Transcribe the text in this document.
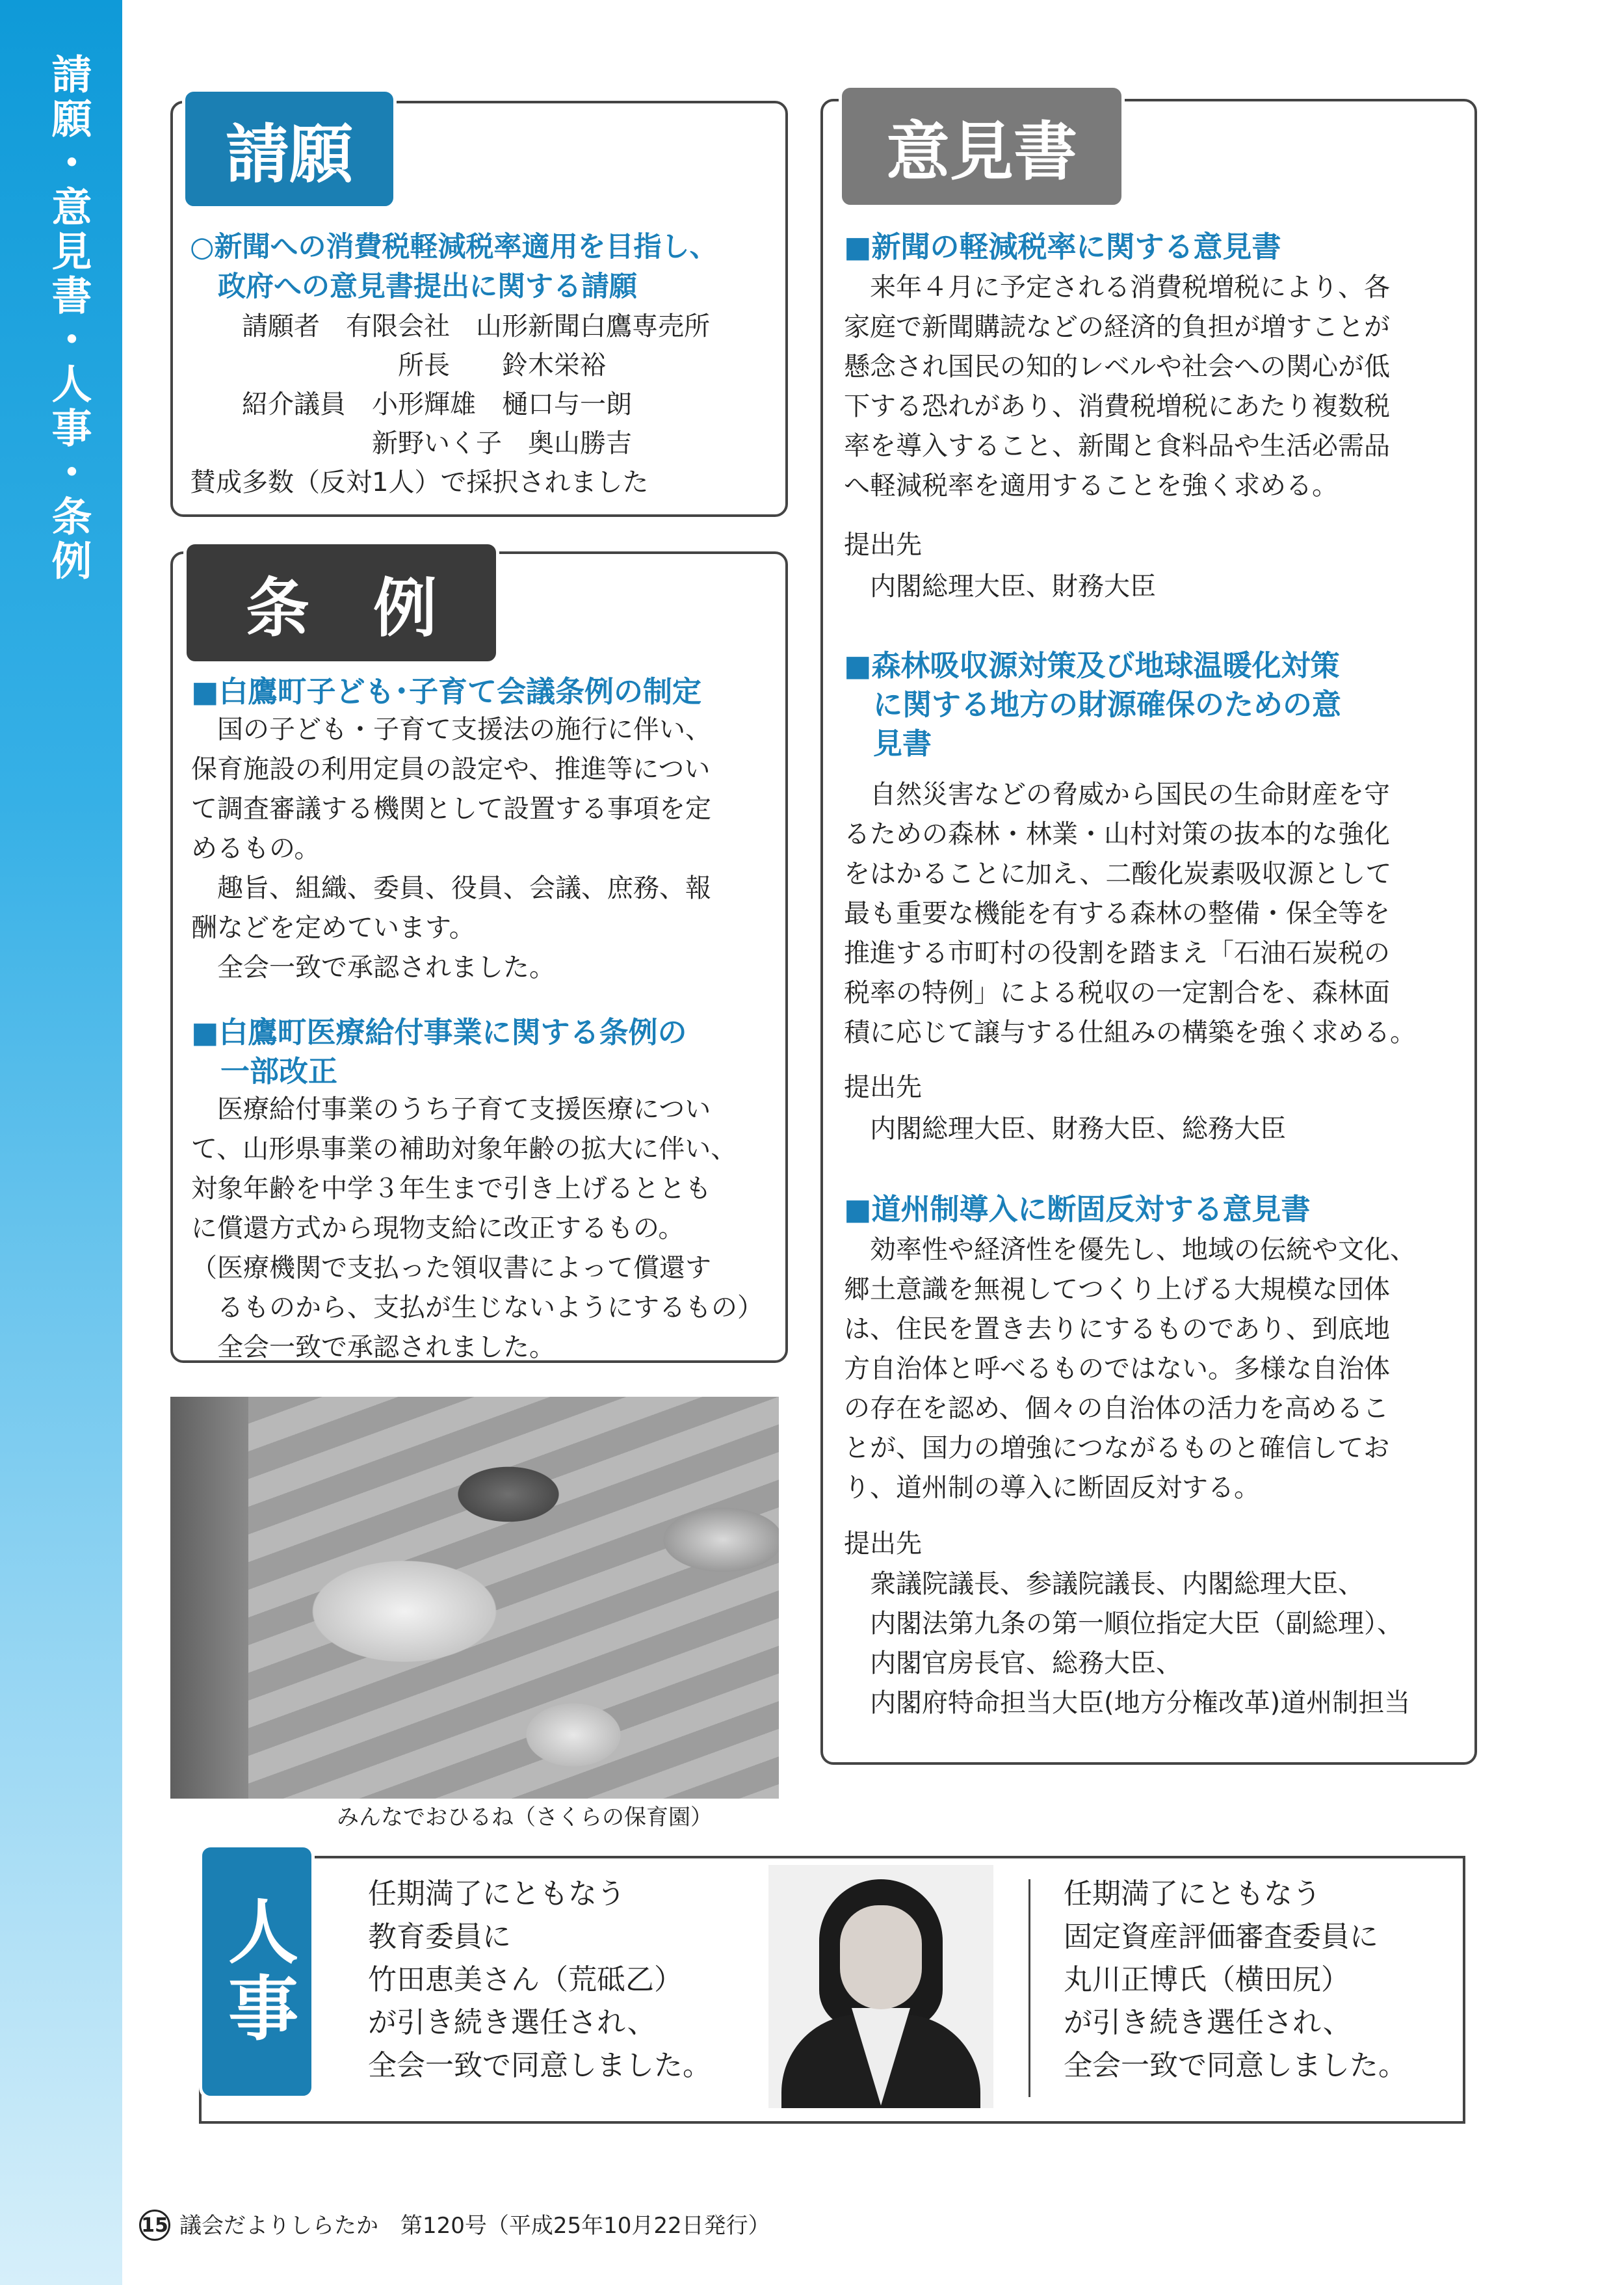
請願・意見書・人事・条例	請願
○新聞への消費税軽減税率適用を目指し、
　政府への意見書提出に関する請願
　　請願者　有限会社　山形新聞白鷹専売所
　　　　　　　　所長　　鈴木栄裕
　　紹介議員　小形輝雄　樋口与一朗
　　　　　　　新野いく子　奥山勝吉
賛成多数（反対1人）で採択されました
条　例
■白鷹町子ども･子育て会議条例の制定
　国の子ども・子育て支援法の施行に伴い、
保育施設の利用定員の設定や、推進等につい
て調査審議する機関として設置する事項を定
めるもの。
　趣旨、組織、委員、役員、会議、庶務、報
酬などを定めています。
　全会一致で承認されました。
■白鷹町医療給付事業に関する条例の
　一部改正
　医療給付事業のうち子育て支援医療につい
て、山形県事業の補助対象年齢の拡大に伴い、
対象年齢を中学３年生まで引き上げるととも
に償還方式から現物支給に改正するもの。
（医療機関で支払った領収書によって償還す
　るものから、支払が生じないようにするもの）
　全会一致で承認されました。
みんなでおひるね（さくらの保育園）
意見書
■新聞の軽減税率に関する意見書
　来年４月に予定される消費税増税により、各
家庭で新聞購読などの経済的負担が増すことが
懸念され国民の知的レベルや社会への関心が低
下する恐れがあり、消費税増税にあたり複数税
率を導入すること、新聞と食料品や生活必需品
へ軽減税率を適用することを強く求める。
提出先
　内閣総理大臣、財務大臣
■森林吸収源対策及び地球温暖化対策
　に関する地方の財源確保のための意
　見書
　自然災害などの脅威から国民の生命財産を守
るための森林・林業・山村対策の抜本的な強化
をはかることに加え、二酸化炭素吸収源として
最も重要な機能を有する森林の整備・保全等を
推進する市町村の役割を踏まえ「石油石炭税の
税率の特例」による税収の一定割合を、森林面
積に応じて譲与する仕組みの構築を強く求める。
提出先
　内閣総理大臣、財務大臣、総務大臣
■道州制導入に断固反対する意見書
　効率性や経済性を優先し、地域の伝統や文化、
郷土意識を無視してつくり上げる大規模な団体
は、住民を置き去りにするものであり、到底地
方自治体と呼べるものではない。多様な自治体
の存在を認め、個々の自治体の活力を高めるこ
とが、国力の増強につながるものと確信してお
り、道州制の導入に断固反対する。
提出先
　衆議院議長、参議院議長、内閣総理大臣、
　内閣法第九条の第一順位指定大臣（副総理）、
　内閣官房長官、総務大臣、
　内閣府特命担当大臣(地方分権改革)道州制担当
人事
任期満了にともなう
教育委員に
竹田恵美さん（荒砥乙）
が引き続き選任され、
全会一致で同意しました。
任期満了にともなう
固定資産評価審査委員に
丸川正博氏（横田尻）
が引き続き選任され、
全会一致で同意しました。
15 議会だよりしらたか　第120号（平成25年10月22日発行）
